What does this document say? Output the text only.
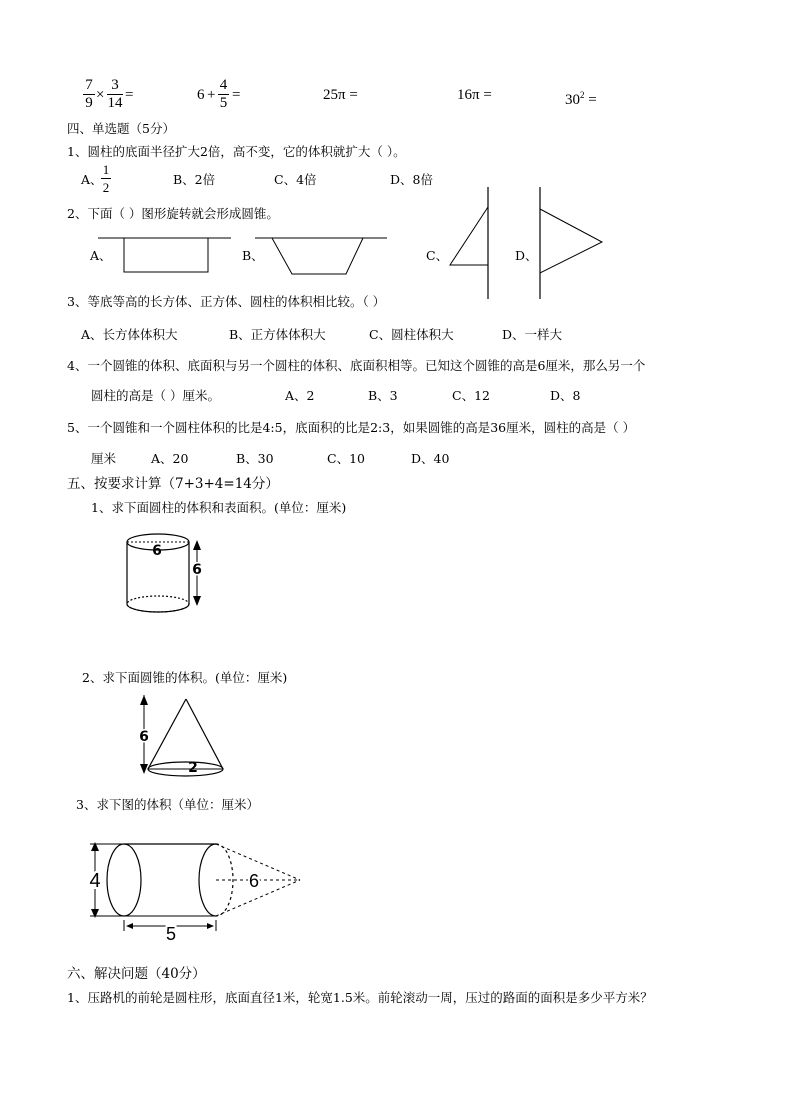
7
9 ×
3
14 =	6 +
4
5 =	25π =	16π =	$30^2$ =
四、单选题（5分）
1、圆柱的底面半径扩大2倍，高不变，它的体积就扩大（ ）。
A、
1
2
B、2倍	C、4倍	D、8倍
2、下面（ ）图形旋转就会形成圆锥。
A、	B、	C、	D、
3、等底等高的长方体、正方体、圆柱的体积相比较。（ ）
A、长方体体积大	B、正方体体积大	C、圆柱体积大	D、一样大
4、一个圆锥的体积、底面积与另一个圆柱的体积、底面积相等。已知这个圆锥的高是6厘米，那么另一个
圆柱的高是（ ）厘米。	A、2	B、3	C、12	D、8
5、一个圆锥和一个圆柱体积的比是4:5，底面积的比是2:3，如果圆锥的高是36厘米，圆柱的高是（ ）
厘米	A、20	B、30	C、10	D、40
五、按要求计算（7+3+4=14分）
1、求下面圆柱的体积和表面积。(单位：厘米)
6
6
2、求下面圆锥的体积。(单位：厘米)
6
2
3、求下图的体积（单位：厘米）
4	6
5
六、解决问题（40分）
1、压路机的前轮是圆柱形，底面直径1米，轮宽1.5米。前轮滚动一周，压过的路面的面积是多少平方米？
